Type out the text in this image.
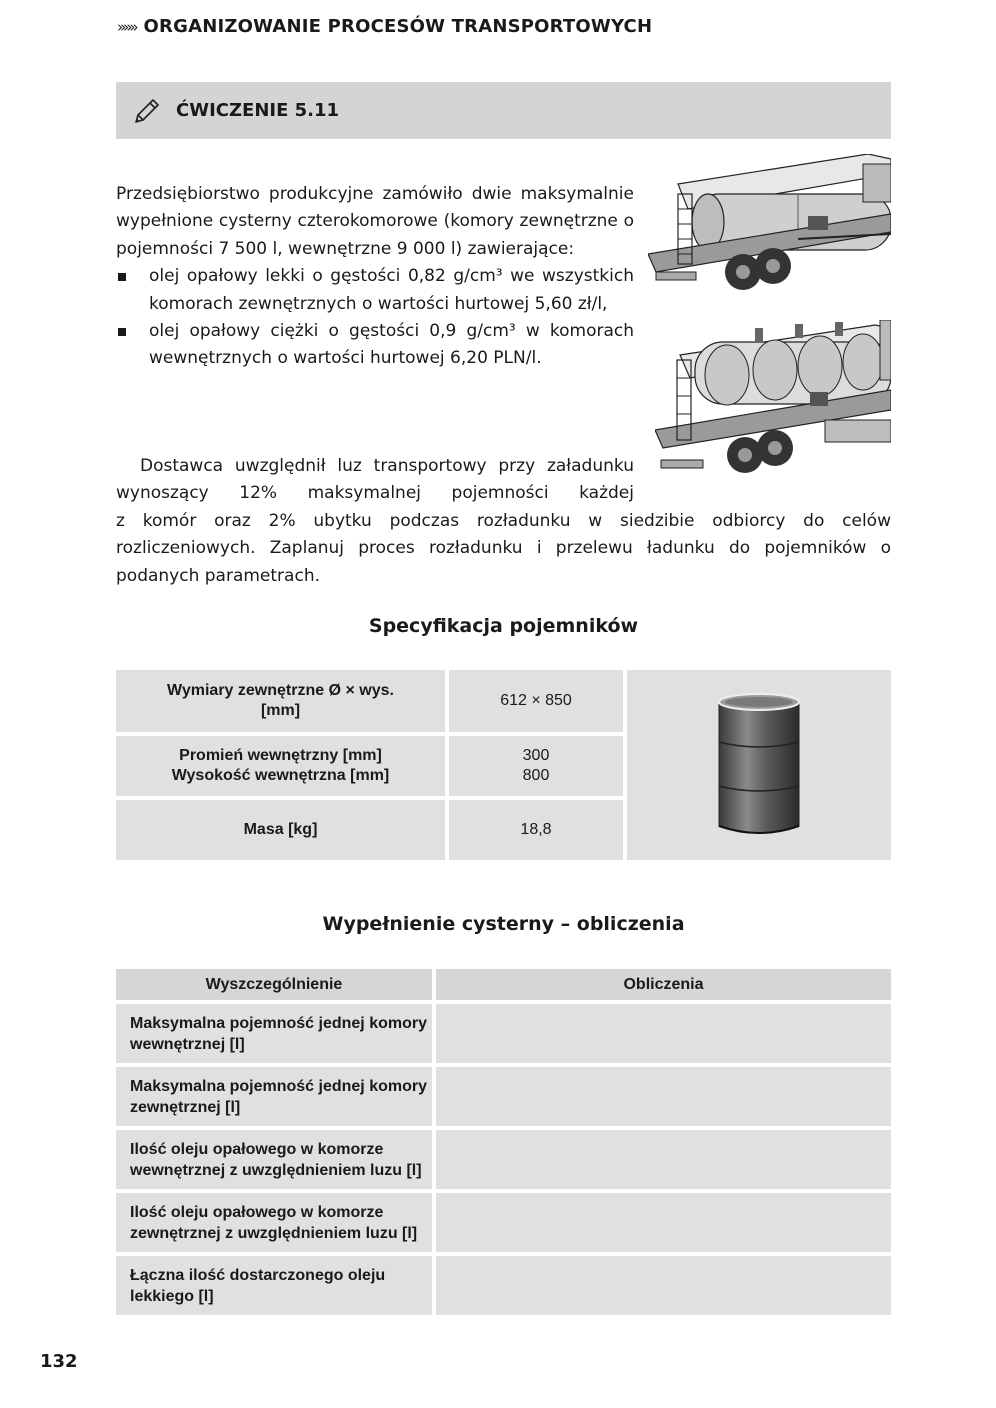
»»» ORGANIZOWANIE PROCESÓW TRANSPORTOWYCH
ĆWICZENIE 5.11

Przedsiębiorstwo produkcyjne zamówiło dwie maksymalnie wypełnione cysterny czterokomorowe (komory zewnętrzne o pojemności 7 500 l, wewnętrzne 9 000 l) zawierające:

olej opałowy lekki o gęstości 0,82 g/cm³ we wszystkich komorach zewnętrznych o wartości hurtowej 5,60 zł/l,
olej opałowy ciężki o gęstości 0,9 g/cm³ w komorach wewnętrznych o wartości hurtowej 6,20 PLN/l.
Dostawca uwzględnił luz transportowy przy załadunku wynoszący 12% maksymalnej pojemności każdej
z komór oraz 2% ubytku podczas rozładunku w siedzibie odbiorcy do celów rozliczeniowych. Zaplanuj proces rozładunku i przelewu ładunku do pojemników o podanych parametrach.
Specyfikacja pojemników
Wymiary zewnętrzne Ø × wys. [mm]
612 × 850
Promień wewnętrzny [mm]
Wysokość wewnętrzna [mm]
300
800
Masa [kg]	18,8
Wypełnienie cysterny – obliczenia
Wyszczególnienie	Obliczenia
Maksymalna pojemność jednej komory wewnętrznej [l]
Maksymalna pojemność jednej komory zewnętrznej [l]
Ilość oleju opałowego w komorze wewnętrznej z uwzględnieniem luzu [l]
Ilość oleju opałowego w komorze zewnętrznej z uwzględnieniem luzu [l]
Łączna ilość dostarczonego oleju lekkiego [l]
132
